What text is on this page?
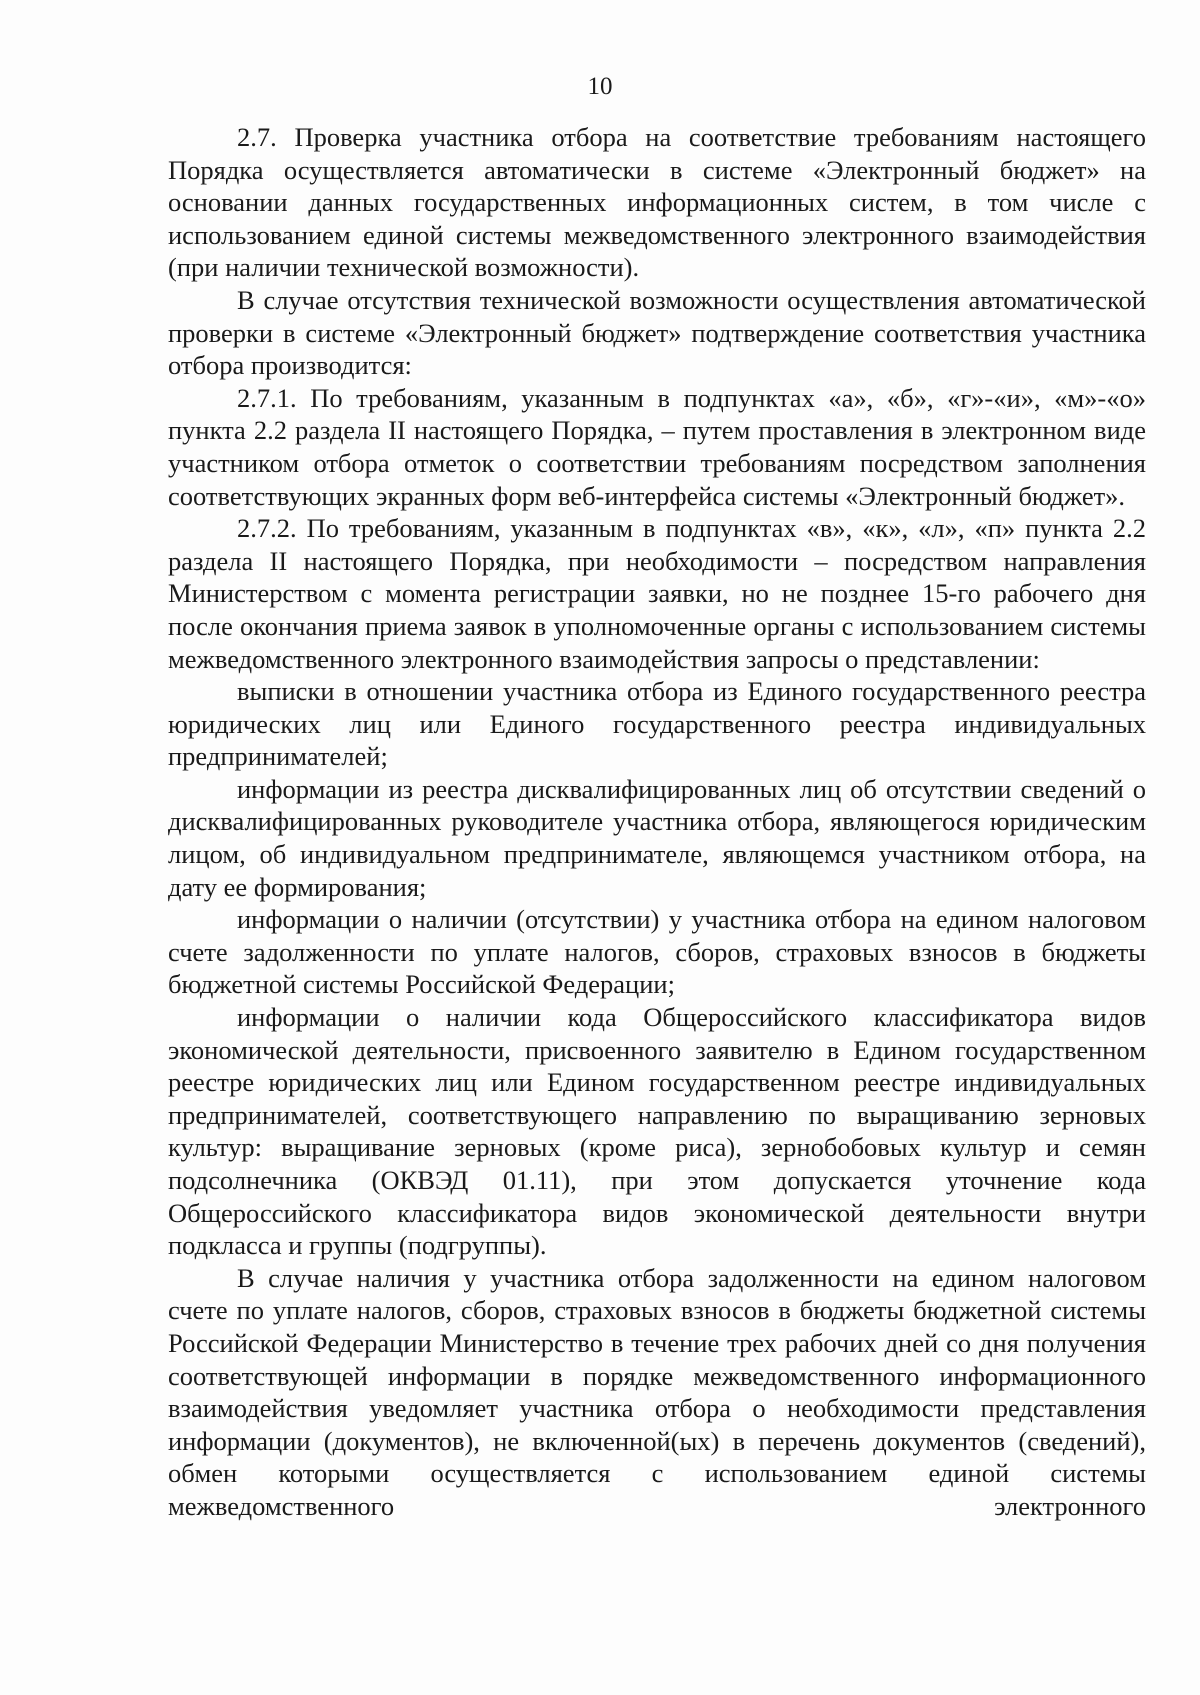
10

2.7. Проверка участника отбора на соответствие требованиям настоящего Порядка осуществляется автоматически в системе «Электронный бюджет» на основании данных государственных информационных систем, в том числе с использованием единой системы межведомственного электронного взаимодействия (при наличии технической возможности).

В случае отсутствия технической возможности осуществления автоматической проверки в системе «Электронный бюджет» подтверждение соответствия участника отбора производится:

2.7.1. По требованиям, указанным в подпунктах «а», «б», «г»-«и», «м»-«о» пункта 2.2 раздела II настоящего Порядка, – путем проставления в электронном виде участником отбора отметок о соответствии требованиям посредством заполнения соответствующих экранных форм веб-интерфейса системы «Электронный бюджет».

2.7.2. По требованиям, указанным в подпунктах «в», «к», «л», «п» пункта 2.2 раздела II настоящего Порядка, при необходимости – посредством направления Министерством с момента регистрации заявки, но не позднее 15-го рабочего дня после окончания приема заявок в уполномоченные органы с использованием системы межведомственного электронного взаимодействия запросы о представлении:

выписки в отношении участника отбора из Единого государственного реестра юридических лиц или Единого государственного реестра индивидуальных предпринимателей;

информации из реестра дисквалифицированных лиц об отсутствии сведений о дисквалифицированных руководителе участника отбора, являющегося юридическим лицом, об индивидуальном предпринимателе, являющемся участником отбора, на дату ее формирования;

информации о наличии (отсутствии) у участника отбора на едином налоговом счете задолженности по уплате налогов, сборов, страховых взносов в бюджеты бюджетной системы Российской Федерации;

информации о наличии кода Общероссийского классификатора видов экономической деятельности, присвоенного заявителю в Едином государственном реестре юридических лиц или Едином государственном реестре индивидуальных предпринимателей, соответствующего направлению по выращиванию зерновых культур: выращивание зерновых (кроме риса), зернобобовых культур и семян подсолнечника (ОКВЭД 01.11), при этом допускается уточнение кода Общероссийского классификатора видов экономической деятельности внутри подкласса и группы (подгруппы).

В случае наличия у участника отбора задолженности на едином налоговом счете по уплате налогов, сборов, страховых взносов в бюджеты бюджетной системы Российской Федерации Министерство в течение трех рабочих дней со дня получения соответствующей информации в порядке межведомственного информационного взаимодействия уведомляет участника отбора о необходимости представления информации (документов), не включенной(ых) в перечень документов (сведений), обмен которыми осуществляется с использованием единой системы межведомственного электронного
